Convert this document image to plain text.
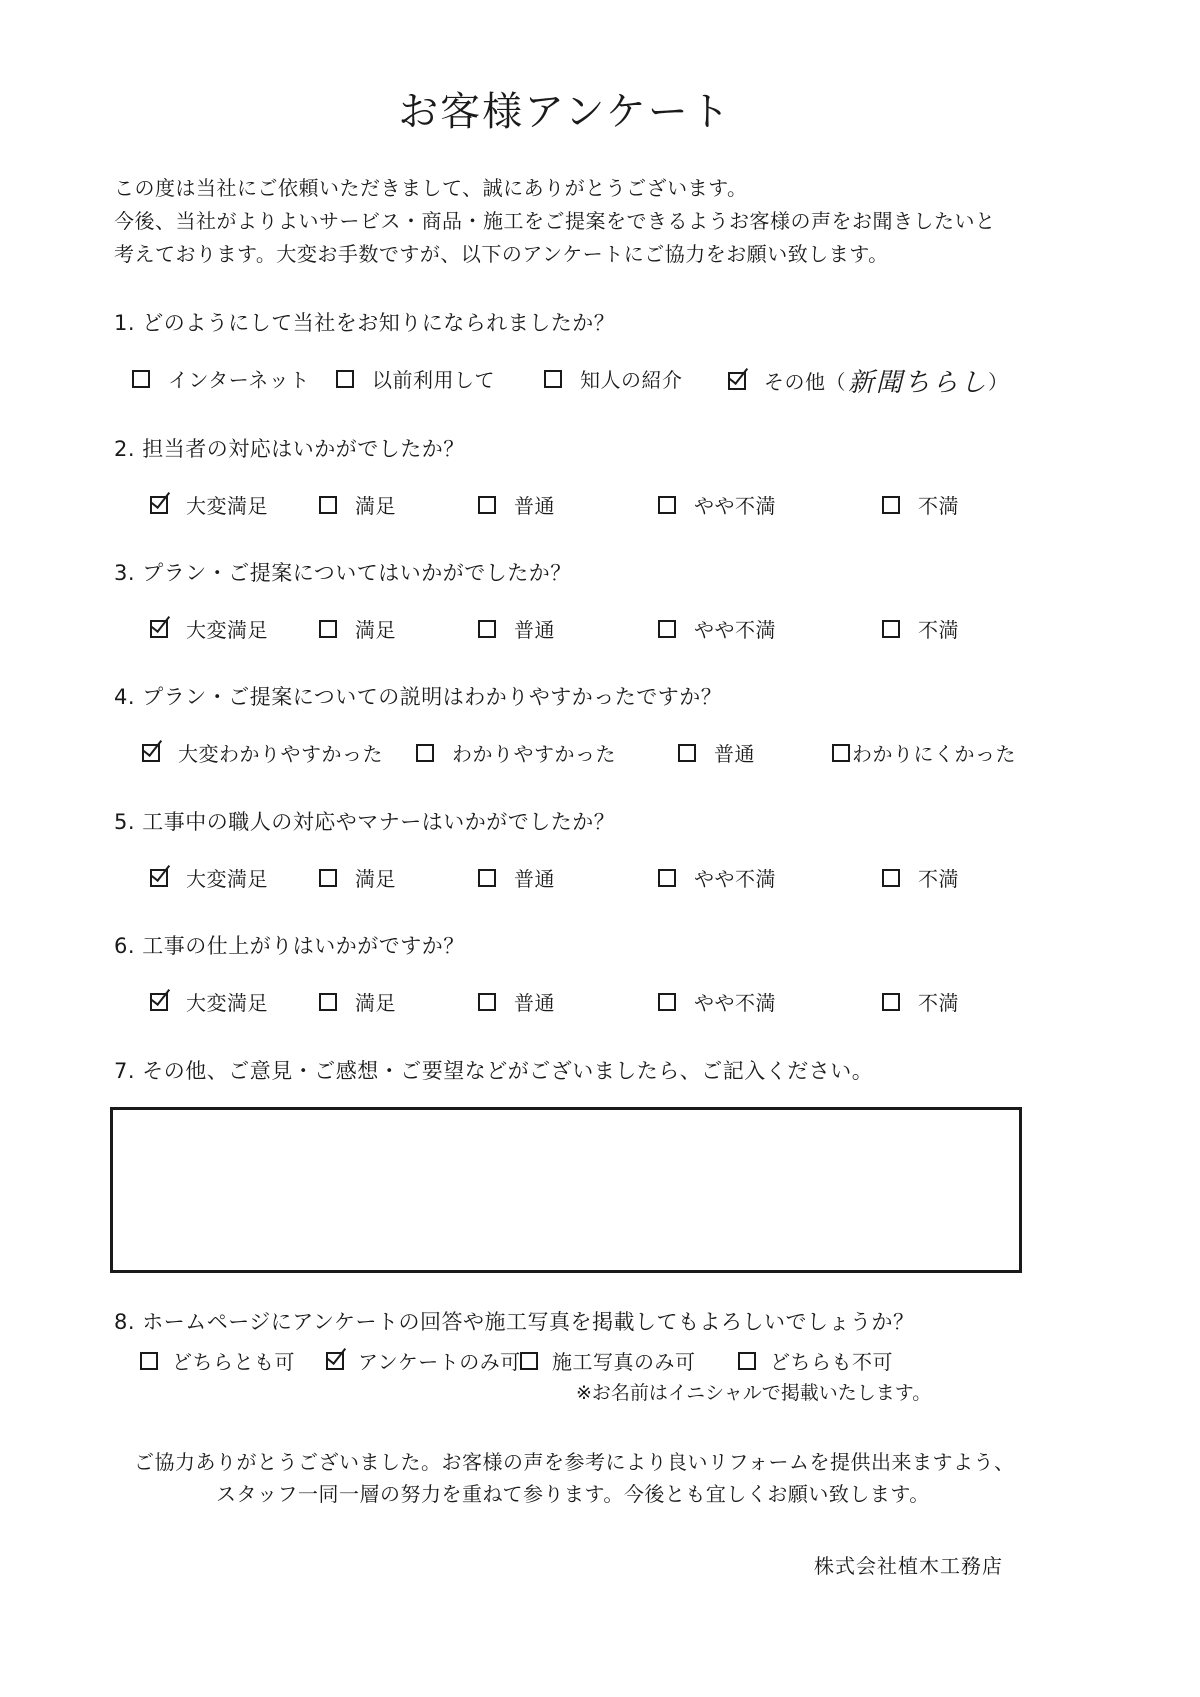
お客様アンケート
この度は当社にご依頼いただきまして、誠にありがとうございます。
今後、当社がよりよいサービス・商品・施工をご提案をできるようお客様の声をお聞きしたいと
考えております。大変お手数ですが、以下のアンケートにご協力をお願い致します。
1. どのようにして当社をお知りになられましたか？
インターネット	以前利用して	知人の紹介	その他（ 新聞ちらし ）
2. 担当者の対応はいかがでしたか？
大変満足	満足	普通	やや不満	不満
3. プラン・ご提案についてはいかがでしたか？
大変満足	満足	普通	やや不満	不満
4. プラン・ご提案についての説明はわかりやすかったですか？
大変わかりやすかった	わかりやすかった	普通	わかりにくかった
5. 工事中の職人の対応やマナーはいかがでしたか？
大変満足	満足	普通	やや不満	不満
6. 工事の仕上がりはいかがですか？
大変満足	満足	普通	やや不満	不満
7. その他、ご意見・ご感想・ご要望などがございましたら、ご記入ください。
8. ホームページにアンケートの回答や施工写真を掲載してもよろしいでしょうか？
どちらとも可	アンケートのみ可 施工写真のみ可	どちらも不可
※お名前はイニシャルで掲載いたします。
ご協力ありがとうございました。お客様の声を参考により良いリフォームを提供出来ますよう、
スタッフ一同一層の努力を重ねて参ります。今後とも宜しくお願い致します。
株式会社植木工務店
